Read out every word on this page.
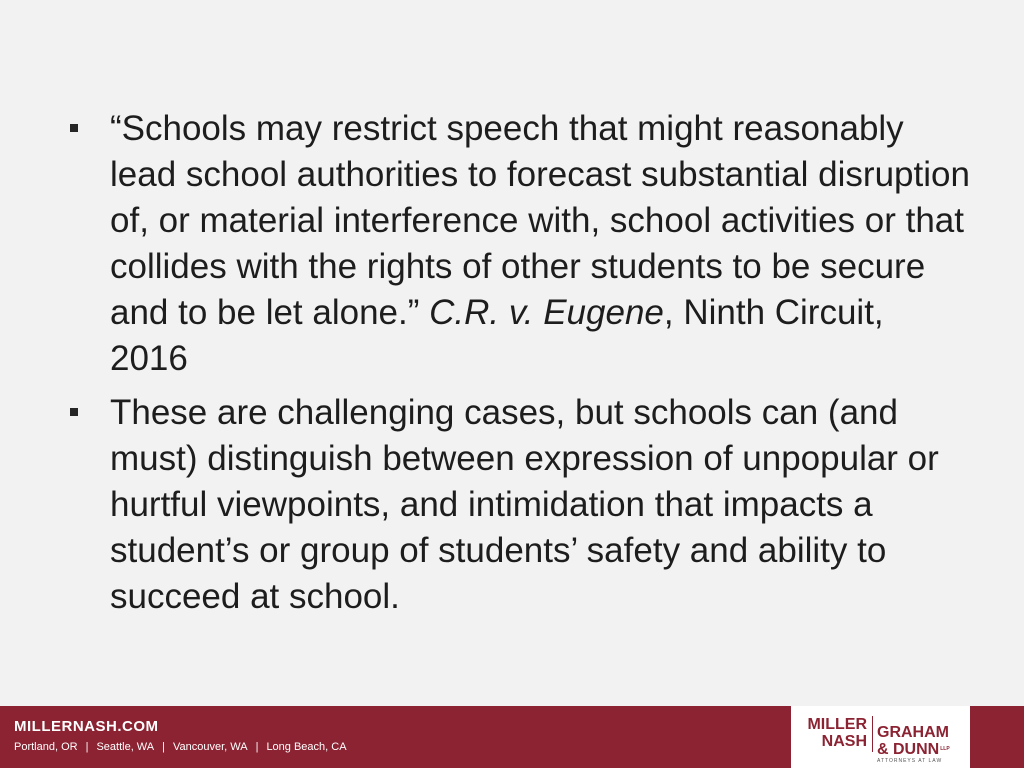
“Schools may restrict speech that might reasonably lead school authorities to forecast substantial disruption of, or material interference with, school activities or that collides with the rights of other students to be secure and to be let alone.” C.R. v. Eugene, Ninth Circuit, 2016
These are challenging cases, but schools can (and must) distinguish between expression of unpopular or hurtful viewpoints, and intimidation that impacts a student’s or group of students’ safety and ability to succeed at school.
MILLERNASH.COM
Portland, OR | Seattle, WA | Vancouver, WA | Long Beach, CA
MILLER
NASH
GRAHAM
& $DUNN^{LLP}$
ATTORNEYS AT LAW
